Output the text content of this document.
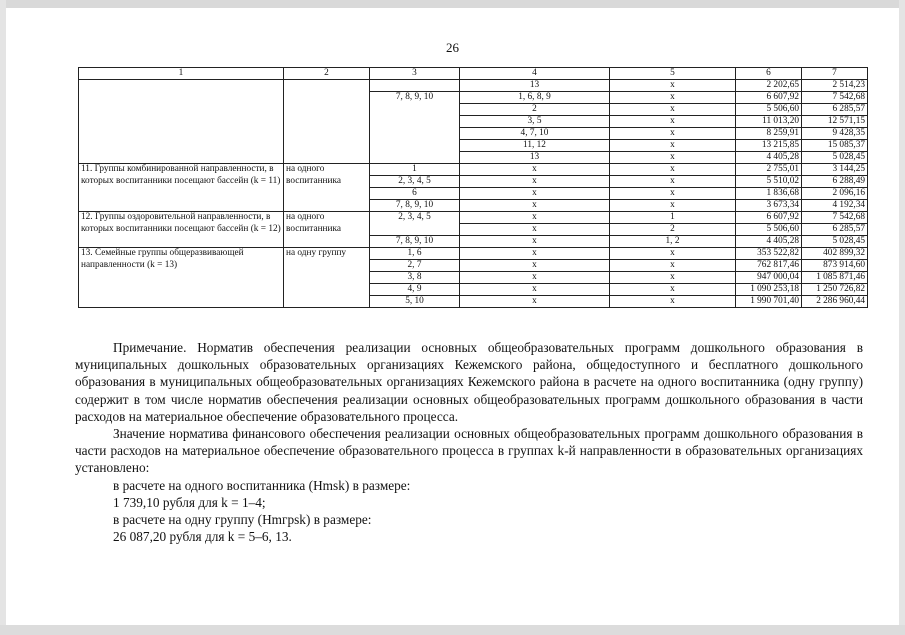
26
1	2	3	4	5	6	7
			13	х	2 202,65	2 514,23
		7, 8, 9, 10	1, 6, 8, 9	х	6 607,92	7 542,68
			2	х	5 506,60	6 285,57
			3, 5	х	11 013,20	12 571,15
			4, 7, 10	х	8 259,91	9 428,35
			11, 12	х	13 215,85	15 085,37
			13	х	4 405,28	5 028,45
11. Группы комбинированной направленности, в которых воспитанники посещают бассейн (k = 11)	на одного воспитанника	1	х	х	2 755,01	3 144,25
		2, 3, 4, 5	х	х	5 510,02	6 288,49
		6	х	х	1 836,68	2 096,16
		7, 8, 9, 10	х	х	3 673,34	4 192,34
12. Группы оздоровительной направленности, в которых воспитанники посещают бассейн (k = 12)	на одного воспитанника	2, 3, 4, 5	х	1	6 607,92	7 542,68
			х	2	5 506,60	6 285,57
		7, 8, 9, 10	х	1, 2	4 405,28	5 028,45
13. Семейные группы общеразвивающей направленности (k = 13)	на одну группу	1, 6	х	х	353 522,82	402 899,32
		2, 7	х	х	762 817,46	873 914,60
		3, 8	х	х	947 000,04	1 085 871,46
		4, 9	х	х	1 090 253,18	1 250 726,82
		5, 10	х	х	1 990 701,40	2 286 960,44

Примечание. Норматив обеспечения реализации основных общеобразовательных программ дошкольного образования в муниципальных дошкольных образовательных организациях Кежемского района, общедоступного и бесплатного дошкольного образования в муниципальных общеобразовательных организациях Кежемского района в расчете на одного воспитанника (одну группу) содержит в том числе норматив обеспечения реализации основных общеобразовательных программ дошкольного образования в части расходов на материальное обеспечение образовательного процесса.

Значение норматива финансового обеспечения реализации основных общеобразовательных программ дошкольного образования в части расходов на материальное обеспечение образовательного процесса в группах k-й направленности в образовательных организациях установлено:

в расчете на одного воспитанника (Нmsk) в размере:

1 739,10 рубля для k = 1–4;

в расчете на одну группу (Нmгрsk) в размере:

26 087,20 рубля для k = 5–6, 13.
